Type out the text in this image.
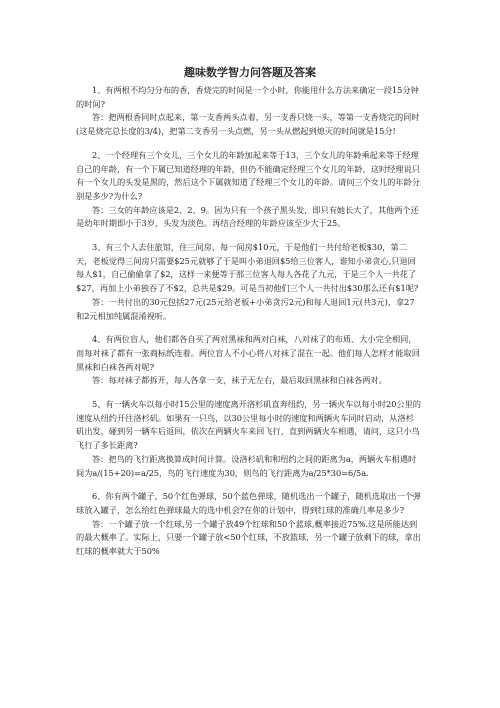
趣味数学智力问答题及答案

1、有两根不均匀分布的香，香烧完的时间是一个小时，你能用什么方法来确定一段15分钟的时间?

答：把两根香同时点起来，第一支香两头点着，另一支香只烧一头，等第一支香烧完的同时(这是烧完总长度的3/4)，把第二支香另一头点燃，另一头从燃起到熄灭的时间就是15分!

2、一个经理有三个女儿，三个女儿的年龄加起来等于13，三个女儿的年龄乘起来等于经理自己的年龄，有一个下属已知道经理的年龄，但仍不能确定经理三个女儿的年龄，这时经理说只有一个女儿的头发是黑的，然后这个下属就知道了经理三个女儿的年龄。请问三个女儿的年龄分别是多少?为什么?

答：三女的年龄应该是2、2、9。因为只有一个孩子黑头发，即只有她长大了，其他两个还是幼年时期即小于3岁，头发为淡色。再结合经理的年龄应该至少大于25。

3、有三个人去住旅馆，住三间房，每一间房$10元，于是他们一共付给老板$30，第二天，老板觉得三间房只需要$25元就够了于是叫小弟退回$5给三位客人，谁知小弟贪心,只退回每人$1，自己偷偷拿了$2，这样一来便等于那三位客人每人各花了九元，于是三个人一共花了$27，再加上小弟独吞了不$2，总共是$29。可是当初他们三个人一共付出$30那么还有$1呢?

答：一共付出的30元包括27元(25元给老板+小弟贪污2元)和每人退回1元(共3元)，拿27和2元相加纯属混淆视听。

4、有两位盲人，他们都各自买了两对黑袜和两对白袜，八对袜了的布质、大小完全相同，而每对袜了都有一张商标纸连着。两位盲人不小心将八对袜了混在一起。他们每人怎样才能取回黑袜和白袜各两对呢?

答：每对袜子都拆开，每人各拿一支，袜子无左右，最后取回黑袜和白袜各两对。

5、有一辆火车以每小时15公里的速度离开洛杉矶直奔纽约，另一辆火车以每小时20公里的速度从纽约开往洛杉矶。如果有一只鸟，以30公里每小时的速度和两辆火车同时启动，从洛杉矶出发，碰到另一辆车后返回，依次在两辆火车来回飞行，直到两辆火车相遇，请问，这只小鸟飞行了多长距离?

答：把鸟的飞行距离换算成时间计算。设洛杉矶和和纽约之间的距离为a，两辆火车相遇时间为a/(15+20)=a/25，鸟的飞行速度为30，则鸟的飞行距离为a/25*30=6/5a.

6、你有两个罐子，50个红色弹球，50个蓝色弹球，随机选出一个罐子，随机选取出一个弹球放入罐子，怎么给红色弹球最大的选中机会?在你的计划中，得到红球的准确几率是多少?

答：一个罐子放一个红球,另一个罐子放49个红球和50个蓝球,概率接近75%.这是所能达到的最大概率了。实际上，只要一个罐子放<50个红球，不放篮球，另一个罐子放剩下的球，拿出红球的概率就大于50%
